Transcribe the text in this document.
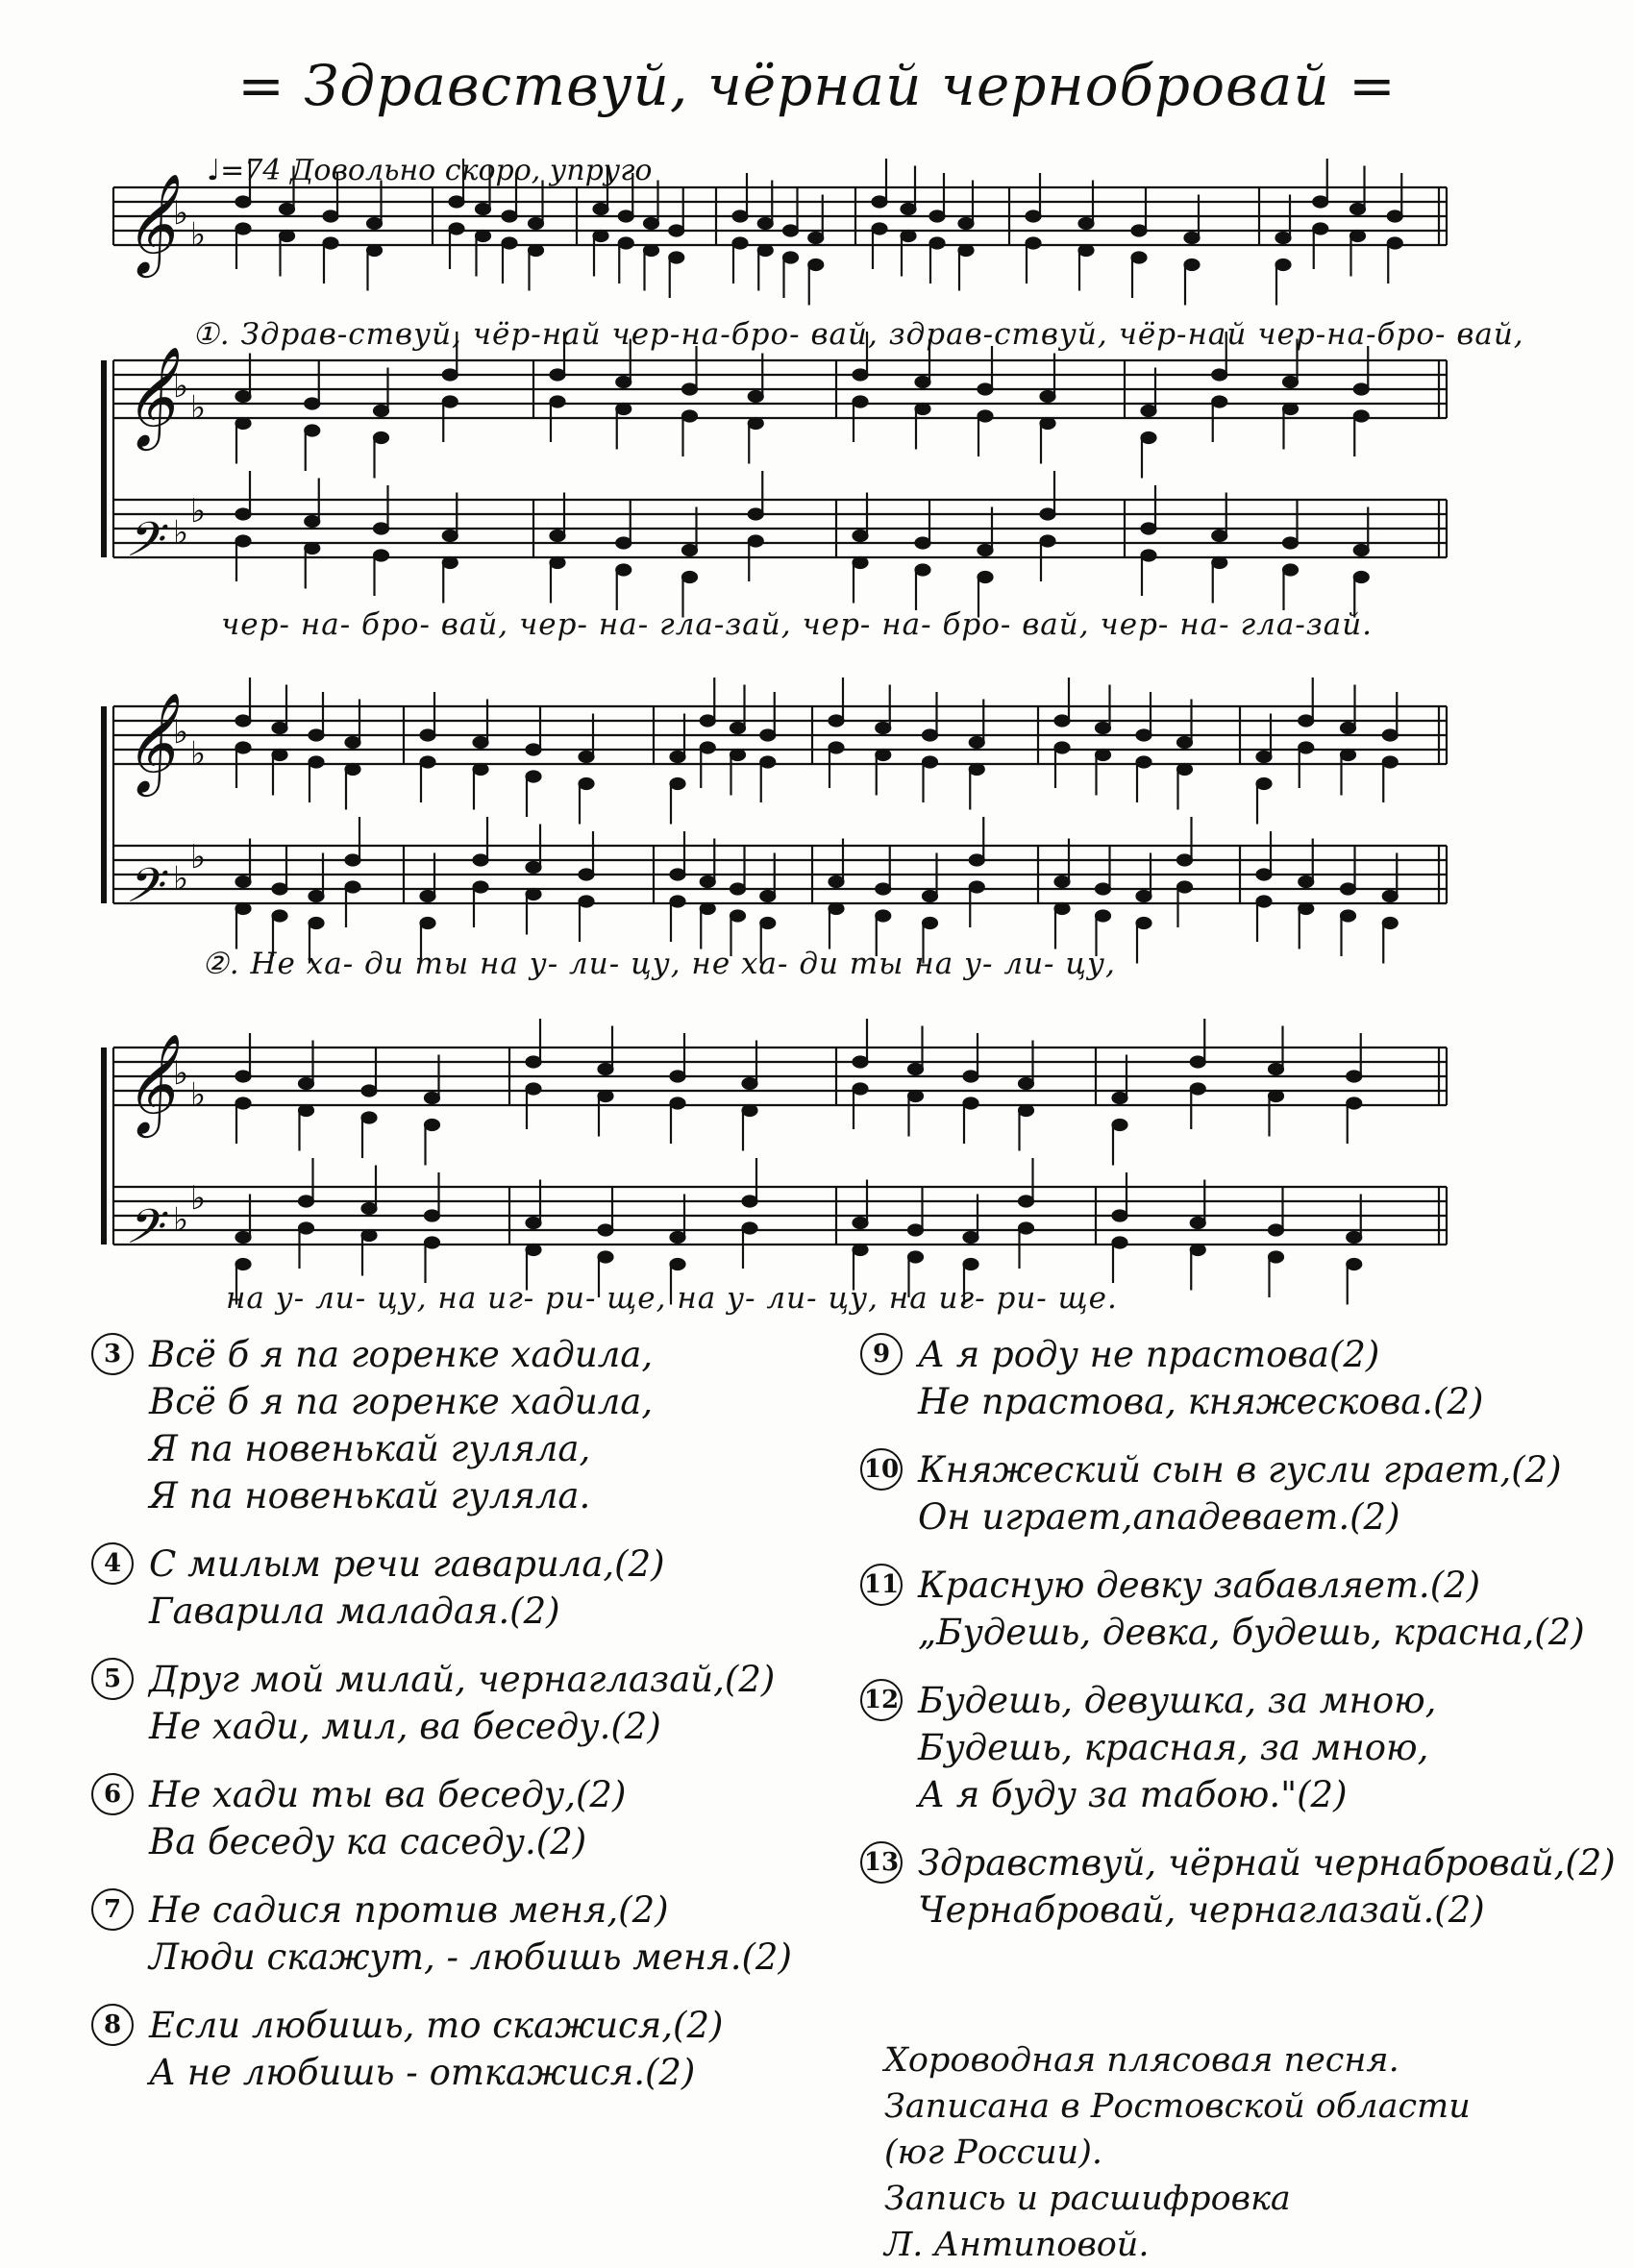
= Здравствуй, чёрнай чернобровай =
♩=74 Довольно скоро, упруго
𝄞
♭
♭
𝄞
♭
♭
𝄢 ♭
♭
𝄞
♭
♭
𝄢 ♭
♭
𝄞
♭
♭
𝄢 ♭
♭
①. Здрав-ствуй, чёр-най чер-на-бро- вай, здрав-ствуй, чёр-най чер-на-бро- вай,
чер- на- бро- вай, чер- на- гла-зай, чер- на- бро- вай, чер- на- гла-зай.
②. Не ха- ди ты на у- ли- цу, не ха- ди ты на у- ли- цу,
на у- ли- цу, на иг- ри- ще, на у- ли- цу, на иг- ри- ще.
3 Всё б я па горенке хадила,
Всё б я па горенке хадила,
Я па новенькай гуляла,
Я па новенькай гуляла.
4 С милым речи гаварила,(2)
Гаварила маладая.(2)
5 Друг мой милай, чернаглазай,(2)
Не хади, мил, ва беседу.(2)
6 Не хади ты ва беседу,(2)
Ва беседу ка саседу.(2)
7 Не садися против меня,(2)
Люди скажут, - любишь меня.(2)
8 Если любишь, то скажися,(2)
А не любишь - откажися.(2)
9 А я роду не прастова(2)
Не прастова, княжескова.(2)
10 Княжеский сын в гусли грает,(2)
Он играет,ападевает.(2)
11 Красную девку забавляет.(2)
„Будешь, девка, будешь, красна,(2)
12 Будешь, девушка, за мною,
Будешь, красная, за мною,
А я буду за табою."(2)
13 Здравствуй, чёрнай чернабровай,(2)
Чернабровай, чернаглазай.(2)
Хороводная плясовая песня.
Записана в Ростовской области
(юг России).
Запись и расшифровка
Л. Антиповой.
